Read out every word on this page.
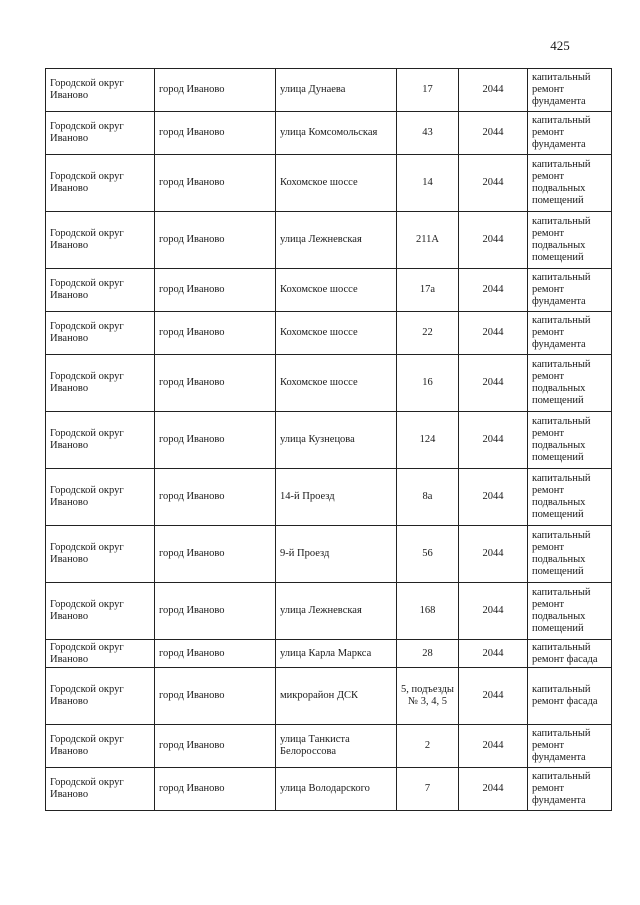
425
Городской округ Иваново	город Иваново	улица Дунаева	17	2044	капитальный ремонт фундамента
Городской округ Иваново	город Иваново	улица Комсомольская	43	2044	капитальный ремонт фундамента
Городской округ Иваново	город Иваново	Кохомское шоссе	14	2044	капитальный ремонт подвальных помещений
Городской округ Иваново	город Иваново	улица Лежневская	211А	2044	капитальный ремонт подвальных помещений
Городской округ Иваново	город Иваново	Кохомское шоссе	17а	2044	капитальный ремонт фундамента
Городской округ Иваново	город Иваново	Кохомское шоссе	22	2044	капитальный ремонт фундамента
Городской округ Иваново	город Иваново	Кохомское шоссе	16	2044	капитальный ремонт подвальных помещений
Городской округ Иваново	город Иваново	улица Кузнецова	124	2044	капитальный ремонт подвальных помещений
Городской округ Иваново	город Иваново	14-й Проезд	8а	2044	капитальный ремонт подвальных помещений
Городской округ Иваново	город Иваново	9-й Проезд	56	2044	капитальный ремонт подвальных помещений
Городской округ Иваново	город Иваново	улица Лежневская	168	2044	капитальный ремонт подвальных помещений
Городской округ Иваново	город Иваново	улица Карла Маркса	28	2044	капитальный ремонт фасада
Городской округ Иваново	город Иваново	микрорайон ДСК	5, подъезды № 3, 4, 5	2044	капитальный ремонт фасада
Городской округ Иваново	город Иваново	улица Танкиста Белороссова	2	2044	капитальный ремонт фундамента
Городской округ Иваново	город Иваново	улица Володарского	7	2044	капитальный ремонт фундамента
